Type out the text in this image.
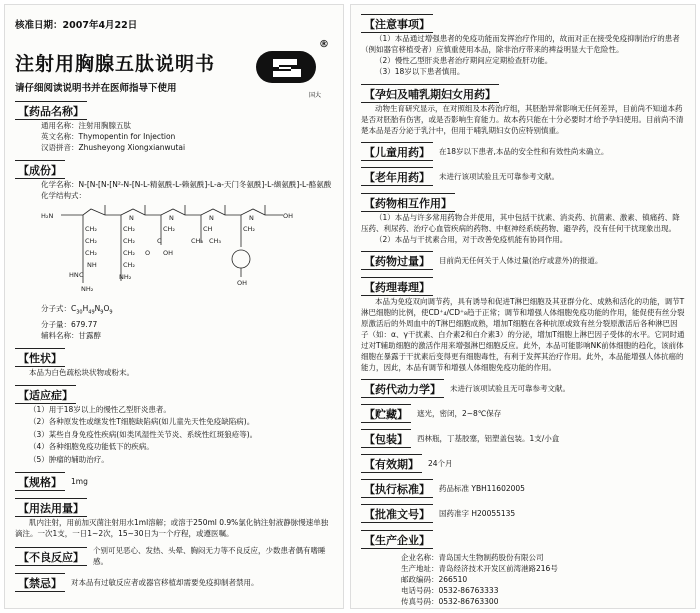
核准日期：2007年4月22日
®
国大
注射用胸腺五肽说明书
请仔细阅读说明书并在医师指导下使用
【药品名称】
通用名称：注射用胸腺五肽
英文名称：Thymopentin for Injection
汉语拼音：Zhusheyong Xiongxianwutai
【成份】
化学名称：N-[N-[N-[N²-N-[N-L-精氨酰-L-赖氨酰]-L-a-天门冬氨酰]-L-缬氨酰]-L-酪氨酸
化学结构式：
H₂N	N	N	N	N	OH
CH₂
CH₂
CH₂
NH
C
HN
NH₂
CH₂
CH₂
CH₂
CH₂
NH₂
CH₂
C
O OH
CH
CH₃ CH₃
CH₂
OH
分子式：$C_{30}H_{49}N_9O_9$
分子量：679.77
辅料名称：甘露醇
【性状】
本品为白色疏松块状物或粉末。
【适应症】
（1）用于18岁以上的慢性乙型肝炎患者。
（2）各种原发性或继发性T细胞缺陷病(如儿童先天性免疫缺陷病)。
（3）某些自身免疫性疾病(如类风湿性关节炎、系统性红斑狼疮等)。
（4）各种细胞免疫功能低下的疾病。
（5）肿瘤的辅助治疗。
【规格】	1mg
【用法用量】
肌内注射，用前加灭菌注射用水1ml溶解；或溶于250ml 0.9%氯化钠注射液静脉慢速单独滴注。一次1支，一日1~2次，15~30日为一个疗程，或遵医嘱。
【不良反应】	个别可见恶心、发热、头晕、胸闷无力等不良反应，少数患者偶有嗜睡感。
【禁忌】	对本品有过敏反应者或器官移植却需要免疫抑制者禁用。
【注意事项】
（1）本品通过增强患者的免疫功能而发挥治疗作用的，故而对正在接受免疫抑制治疗的患者（例如器官移植受者）应慎重使用本品，除非治疗带来的裨益明显大于危险性。
（2）慢性乙型肝炎患者治疗期间应定期检查肝功能。
（3）18岁以下患者慎用。
【孕妇及哺乳期妇女用药】
动物生育研究显示，在对照组及本药治疗组，其胚胎异常影响无任何差异，目前尚不知道本药是否对胚胎有伤害，或是否影响生育能力。故本药只能在十分必要时才给予孕妇使用。目前尚不清楚本品是否分泌于乳汁中，但用于哺乳期妇女仍应特别慎重。
【儿童用药】	在18岁以下患者,本品的安全性和有效性尚未确立。
【老年用药】	未进行该项试验且无可靠参考文献。
【药物相互作用】
（1）本品与许多常用药物合并使用，其中包括干扰素、消炎药、抗菌素、激素、镇痛药、降压药、利尿药、治疗心血管疾病的药物、中枢神经系统药物、避孕药，没有任何干扰现象出现。
（2）本品与干扰素合用，对于改善免疫机能有协同作用。
【药物过量】	目前尚无任何关于人体过量(治疗或意外)的报道。
【药理毒理】
本品为免疫双向调节药，具有诱导和促进T淋巴细胞及其亚群分化、成熟和活化的功能，调节T淋巴细胞的比例，使CD⁺₄/CD⁺₈趋于正常；调节和增强人体细胞免疫功能的作用，能促使有丝分裂原激活后的外周血中的T淋巴细胞成熟，增加T细胞在各种抗原或致有丝分裂原激活后各种淋巴因子（如：α、γ干扰素、白介素2和白介素3）的分泌，增加T细胞上淋巴因子受体的水平。它同时通过对T辅助细胞的激活作用来增强淋巴细胞反应。此外，本品可能影响NK前体细胞的趋化，该前体细胞在暴露于干扰素后变得更有细胞毒性，有利于发挥其治疗作用。此外，本品能增强人体抗癌的能力，因此，本品有调节和增强人体细胞免疫功能的作用。
【药代动力学】	未进行该项试验且无可靠参考文献。
【贮藏】	遮光，密闭，2~8℃保存
【包装】	西林瓶，丁基胶塞，铝塑盖包装。1支/小盒
【有效期】	24个月
【执行标准】	药品标准 YBH11602005
【批准文号】	国药准字 H20055135
【生产企业】
企业名称：青岛国大生物制药股份有限公司
生产地址：青岛经济技术开发区前湾港路216号
邮政编码：266510
电话号码：0532-86763333
传真号码：0532-86763300
